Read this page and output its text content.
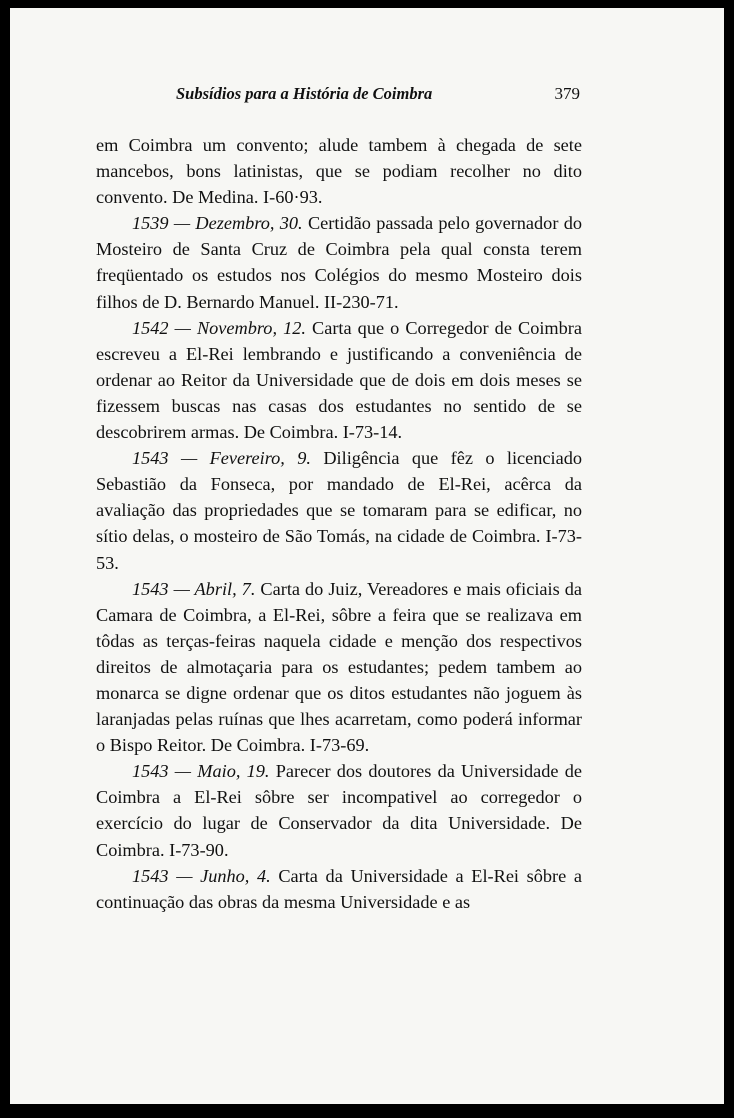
Subsídios para a História de Coimbra	379

em Coimbra um convento; alude tambem à chegada de sete mancebos, bons latinistas, que se podiam recolher no dito convento. De Medina. I-60·93.

1539 — Dezembro, 30. Certidão passada pelo governador do Mosteiro de Santa Cruz de Coimbra pela qual consta terem freqüentado os estudos nos Colégios do mesmo Mosteiro dois filhos de D. Bernardo Manuel. II-230-71.

1542 — Novembro, 12. Carta que o Corregedor de Coimbra escreveu a El-Rei lembrando e justificando a conveniência de ordenar ao Reitor da Universidade que de dois em dois meses se fizessem buscas nas casas dos estudantes no sentido de se descobrirem armas. De Coimbra. I-73-14.

1543 — Fevereiro, 9. Diligência que fêz o licenciado Sebastião da Fonseca, por mandado de El-Rei, acêrca da avaliação das propriedades que se tomaram para se edificar, no sítio delas, o mosteiro de São Tomás, na cidade de Coimbra. I-73-53.

1543 — Abril, 7. Carta do Juiz, Vereadores e mais oficiais da Camara de Coimbra, a El-Rei, sôbre a feira que se realizava em tôdas as terças-feiras naquela cidade e menção dos respectivos direitos de almotaçaria para os estudantes; pedem tambem ao monarca se digne ordenar que os ditos estudantes não joguem às laranjadas pelas ruínas que lhes acarretam, como poderá informar o Bispo Reitor. De Coimbra. I-73-69.

1543 — Maio, 19. Parecer dos doutores da Universidade de Coimbra a El-Rei sôbre ser incompativel ao corregedor o exercício do lugar de Conservador da dita Universidade. De Coimbra. I-73-90.

1543 — Junho, 4. Carta da Universidade a El-Rei sôbre a continuação das obras da mesma Universidade e as
